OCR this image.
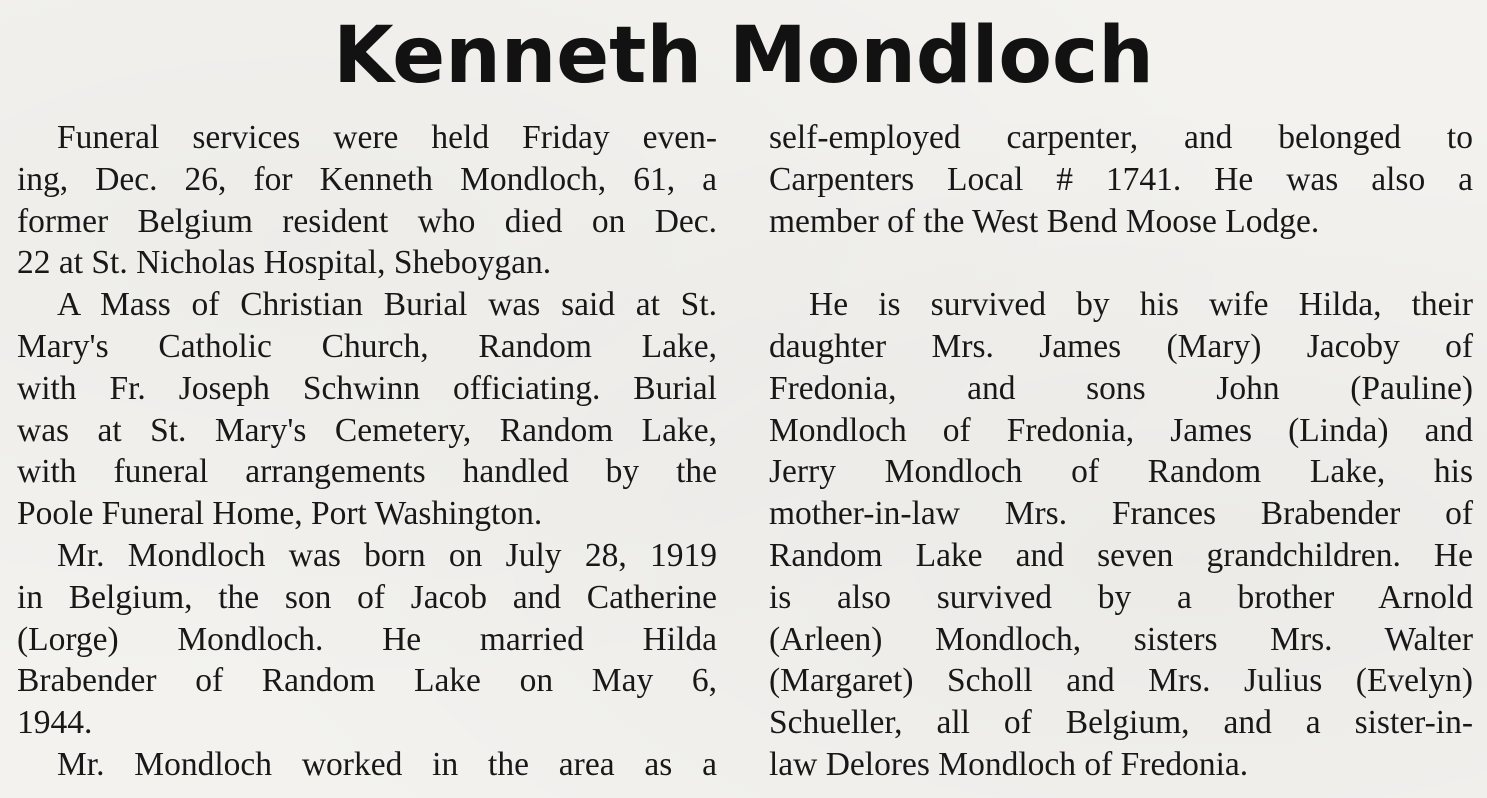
Kenneth Mondloch
Funeral services were held Friday even-
ing, Dec. 26, for Kenneth Mondloch, 61, a
former Belgium resident who died on Dec.
22 at St. Nicholas Hospital, Sheboygan.
A Mass of Christian Burial was said at St.
Mary's Catholic Church, Random Lake,
with Fr. Joseph Schwinn officiating. Burial
was at St. Mary's Cemetery, Random Lake,
with funeral arrangements handled by the
Poole Funeral Home, Port Washington.
Mr. Mondloch was born on July 28, 1919
in Belgium, the son of Jacob and Catherine
(Lorge) Mondloch. He married Hilda
Brabender of Random Lake on May 6,
1944.
Mr. Mondloch worked in the area as a
self-employed carpenter, and belonged to
Carpenters Local # 1741. He was also a
member of the West Bend Moose Lodge.
He is survived by his wife Hilda, their
daughter Mrs. James (Mary) Jacoby of
Fredonia, and sons John (Pauline)
Mondloch of Fredonia, James (Linda) and
Jerry Mondloch of Random Lake, his
mother-in-law Mrs. Frances Brabender of
Random Lake and seven grandchildren. He
is also survived by a brother Arnold
(Arleen) Mondloch, sisters Mrs. Walter
(Margaret) Scholl and Mrs. Julius (Evelyn)
Schueller, all of Belgium, and a sister-in-
law Delores Mondloch of Fredonia.
